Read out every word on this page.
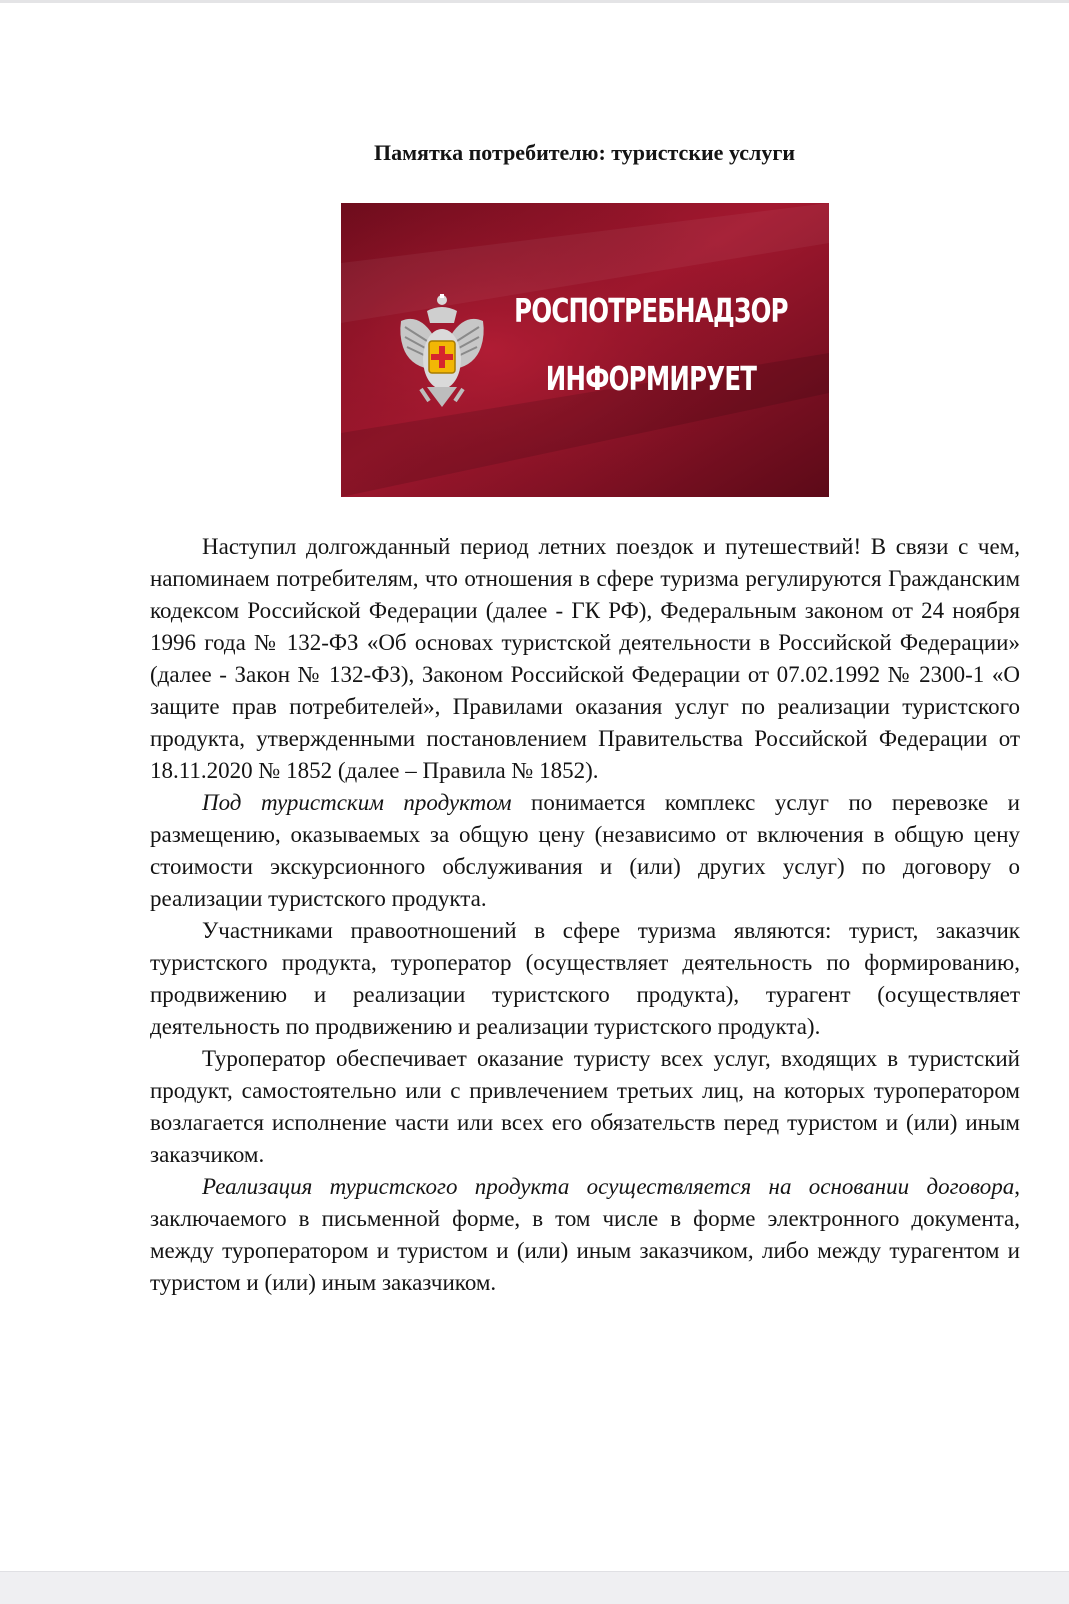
Памятка потребителю: туристские услуги
РОСПОТРЕБНАДЗОР
ИНФОРМИРУЕТ

Наступил долгожданный период летних поездок и путешествий! В связи с чем, напоминаем потребителям, что отношения в сфере туризма регулируются Гражданским кодексом Российской Федерации (далее - ГК РФ), Федеральным законом от 24 ноября 1996 года № 132-ФЗ «Об основах туристской деятельности в Российской Федерации» (далее - Закон № 132-ФЗ), Законом Российской Федерации от 07.02.1992 № 2300-1 «О защите прав потребителей», Правилами оказания услуг по реализации туристского продукта, утвержденными постановлением Правительства Российской Федерации от 18.11.2020 № 1852 (далее – Правила № 1852).

Под туристским продуктом понимается комплекс услуг по перевозке и размещению, оказываемых за общую цену (независимо от включения в общую цену стоимости экскурсионного обслуживания и (или) других услуг) по договору о реализации туристского продукта.

Участниками правоотношений в сфере туризма являются: турист, заказчик туристского продукта, туроператор (осуществляет деятельность по формированию, продвижению и реализации туристского продукта), турагент (осуществляет деятельность по продвижению и реализации туристского продукта).

Туроператор обеспечивает оказание туристу всех услуг, входящих в туристский продукт, самостоятельно или с привлечением третьих лиц, на которых туроператором возлагается исполнение части или всех его обязательств перед туристом и (или) иным заказчиком.

Реализация туристского продукта осуществляется на основании договора, заключаемого в письменной форме, в том числе в форме электронного документа, между туроператором и туристом и (или) иным заказчиком, либо между турагентом и туристом и (или) иным заказчиком.
